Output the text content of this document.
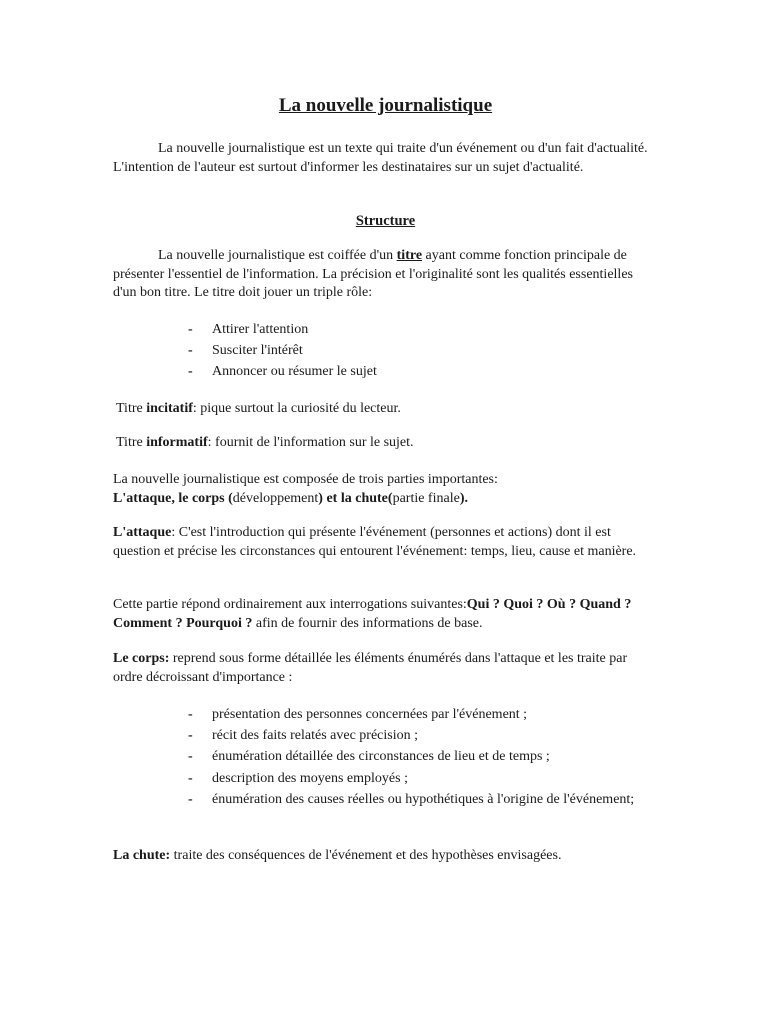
La nouvelle journalistique
La nouvelle journalistique est un texte qui traite d'un événement ou d'un fait d'actualité. L'intention de l'auteur est surtout d'informer les destinataires sur un sujet d'actualité.
Structure
La nouvelle journalistique est coiffée d'un titre ayant comme fonction principale de présenter l'essentiel de l'information. La précision et l'originalité sont les qualités essentielles d'un bon titre. Le titre doit jouer un triple rôle:
- Attirer l'attention
- Susciter l'intérêt
- Annoncer ou résumer le sujet
Titre incitatif: pique surtout la curiosité du lecteur.
Titre informatif: fournit de l'information sur le sujet.
La nouvelle journalistique est composée de trois parties importantes:
L'attaque, le corps (développement) et la chute(partie finale).
L'attaque: C'est l'introduction qui présente l'événement (personnes et actions) dont il est question et précise les circonstances qui entourent l'événement: temps, lieu, cause et manière.
Cette partie répond ordinairement aux interrogations suivantes:Qui ? Quoi ? Où ? Quand ? Comment ? Pourquoi ? afin de fournir des informations de base.
Le corps: reprend sous forme détaillée les éléments énumérés dans l'attaque et les traite par ordre décroissant d'importance :
- présentation des personnes concernées par l'événement ;
- récit des faits relatés avec précision ;
- énumération détaillée des circonstances de lieu et de temps ;
- description des moyens employés ;
- énumération des causes réelles ou hypothétiques à l'origine de l'événement;
La chute: traite des conséquences de l'événement et des hypothèses envisagées.
